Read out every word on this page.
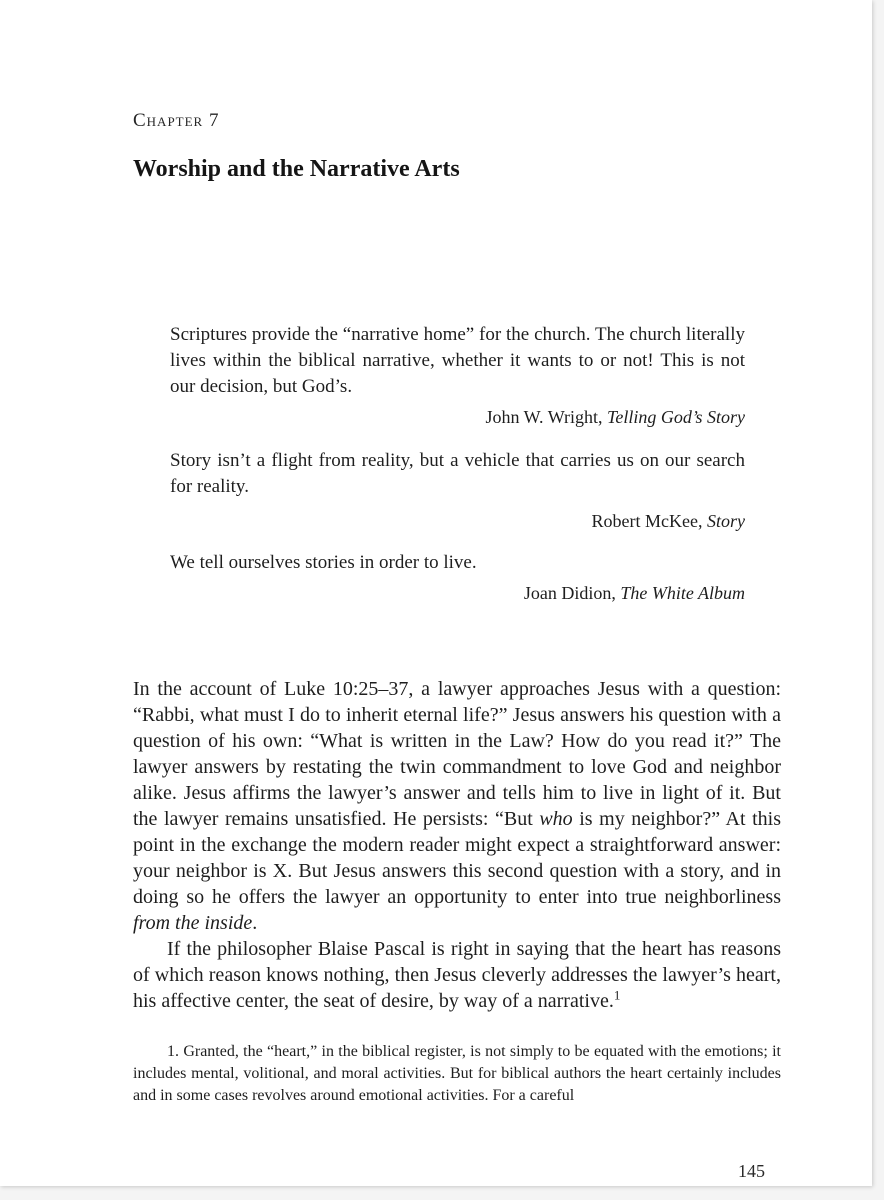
Chapter 7
Worship and the Narrative Arts

Scriptures provide the “narrative home” for the church. The church literally lives within the biblical narrative, whether it wants to or not! This is not our decision, but God’s.

John W. Wright, Telling God’s Story

Story isn’t a flight from reality, but a vehicle that carries us on our search for reality.

Robert McKee, Story

We tell ourselves stories in order to live.

Joan Didion, The White Album

In the account of Luke 10:25–37, a lawyer approaches Jesus with a question: “Rabbi, what must I do to inherit eternal life?” Jesus answers his question with a question of his own: “What is written in the Law? How do you read it?” The lawyer answers by restating the twin commandment to love God and neighbor alike. Jesus affirms the lawyer’s answer and tells him to live in light of it. But the lawyer remains unsatisfied. He persists: “But who is my neighbor?” At this point in the exchange the modern reader might expect a straightforward answer: your neighbor is X. But Jesus answers this second question with a story, and in doing so he offers the lawyer an opportunity to enter into true neighborliness from the inside.

If the philosopher Blaise Pascal is right in saying that the heart has reasons of which reason knows nothing, then Jesus cleverly addresses the lawyer’s heart, his affective center, the seat of desire, by way of a narrative.$^1$

1. Granted, the “heart,” in the biblical register, is not simply to be equated with the emotions; it includes mental, volitional, and moral activities. But for biblical authors the heart certainly includes and in some cases revolves around emotional activities. For a careful

145
